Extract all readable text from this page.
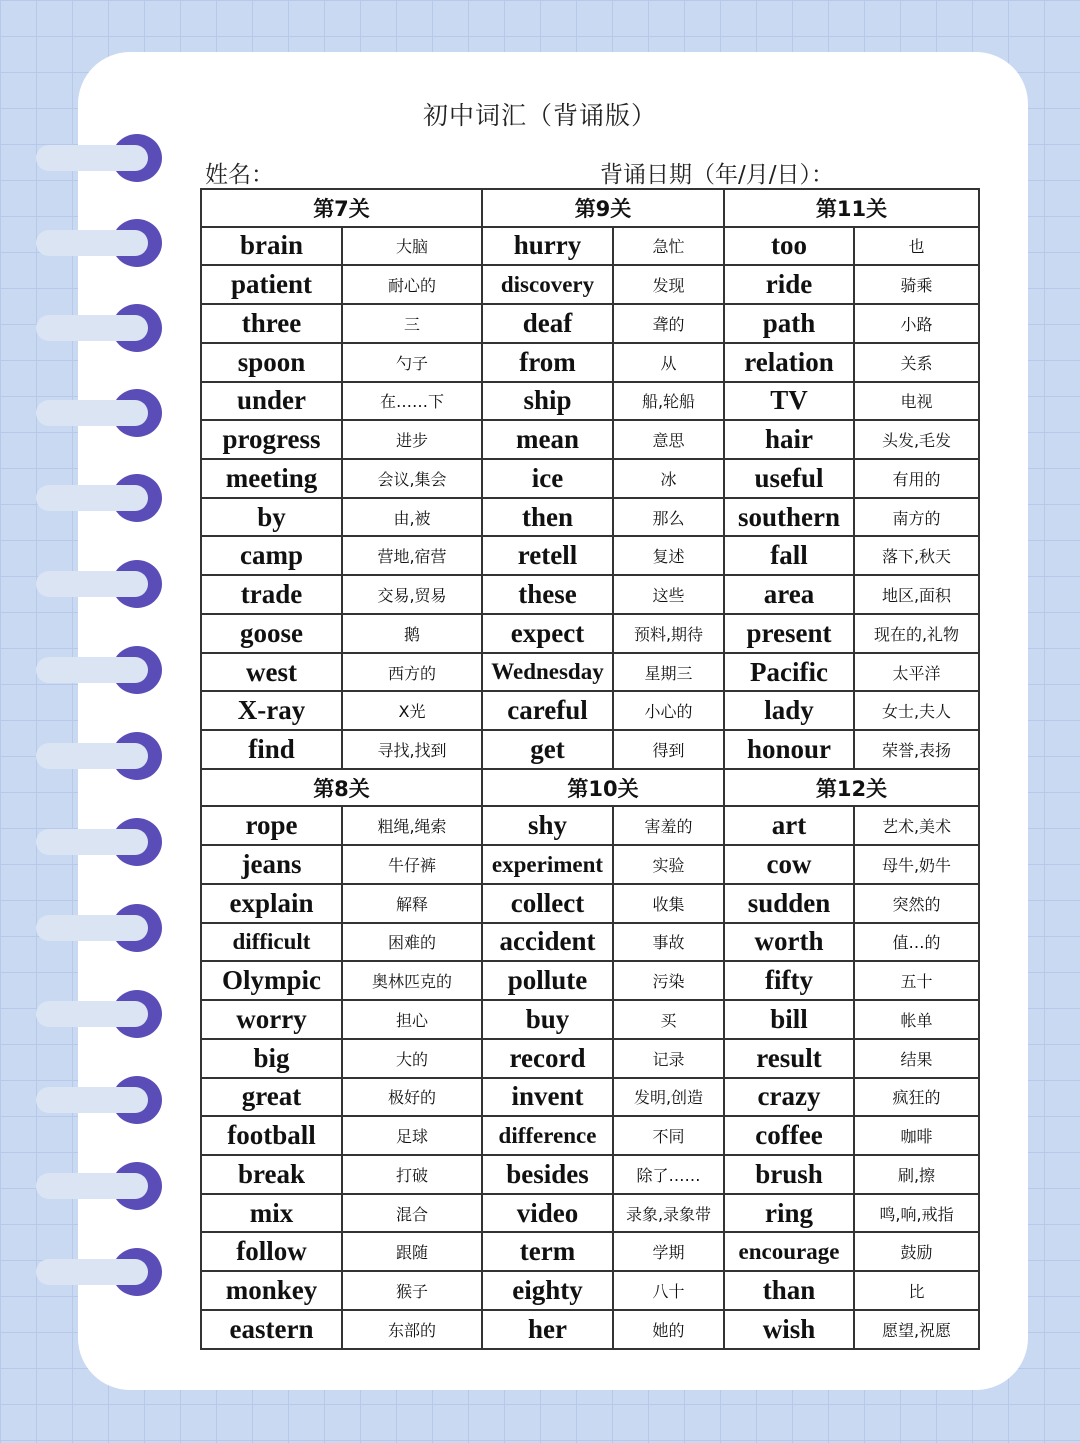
初中词汇（背诵版）
姓名：	背诵日期（年/月/日）：
第7关		第9关		第11关	
brain	大脑	hurry	急忙	too	也
patient	耐心的	discovery	发现	ride	骑乘
three	三	deaf	聋的	path	小路
spoon	勺子	from	从	relation	关系
under	在……下	ship	船,轮船	TV	电视
progress	进步	mean	意思	hair	头发,毛发
meeting	会议,集会	ice	冰	useful	有用的
by	由,被	then	那么	southern	南方的
camp	营地,宿营	retell	复述	fall	落下,秋天
trade	交易,贸易	these	这些	area	地区,面积
goose	鹅	expect	预料,期待	present	现在的,礼物
west	西方的	Wednesday	星期三	Pacific	太平洋
X-ray	X光	careful	小心的	lady	女士,夫人
find	寻找,找到	get	得到	honour	荣誉,表扬
第8关		第10关		第12关	
rope	粗绳,绳索	shy	害羞的	art	艺术,美术
jeans	牛仔裤	experiment	实验	cow	母牛,奶牛
explain	解释	collect	收集	sudden	突然的
difficult	困难的	accident	事故	worth	值…的
Olympic	奥林匹克的	pollute	污染	fifty	五十
worry	担心	buy	买	bill	帐单
big	大的	record	记录	result	结果
great	极好的	invent	发明,创造	crazy	疯狂的
football	足球	difference	不同	coffee	咖啡
break	打破	besides	除了……	brush	刷,擦
mix	混合	video	录象,录象带	ring	鸣,响,戒指
follow	跟随	term	学期	encourage	鼓励
monkey	猴子	eighty	八十	than	比
eastern	东部的	her	她的	wish	愿望,祝愿
